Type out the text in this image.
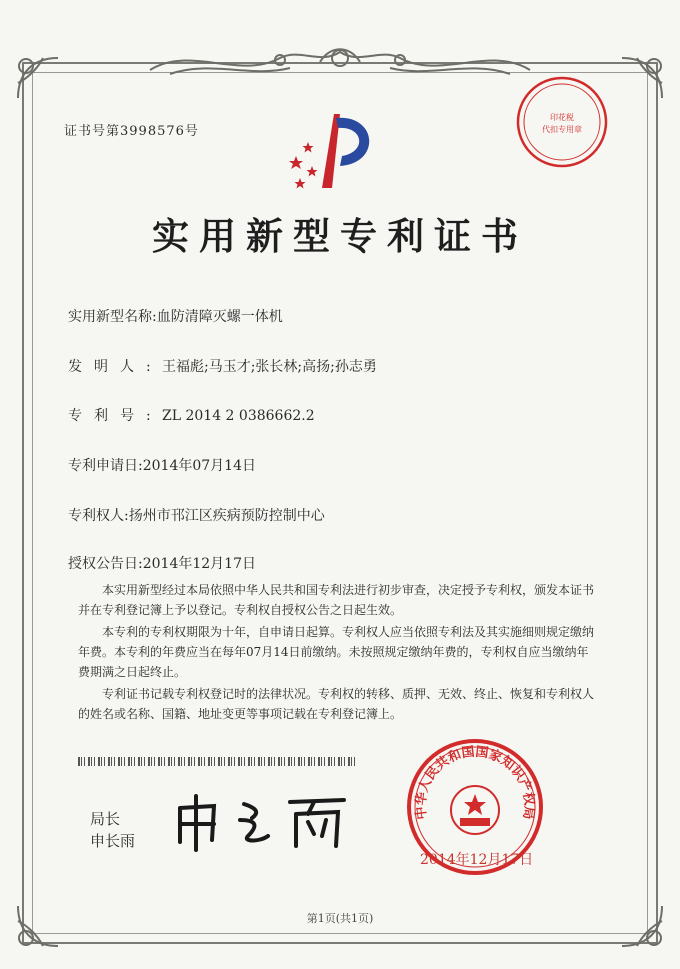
证书号第3998576号
印花税
代扣专用章
实用新型专利证书
实用新型名称:血防清障灭螺一体机
发明人:王福彪;马玉才;张长林;高扬;孙志勇
专利号:ZL 2014 2 0386662.2
专利申请日:2014年07月14日
专利权人:扬州市邗江区疾病预防控制中心
授权公告日:2014年12月17日

本实用新型经过本局依照中华人民共和国专利法进行初步审查，决定授予专利权，颁发本证书并在专利登记簿上予以登记。专利权自授权公告之日起生效。

本专利的专利权期限为十年，自申请日起算。专利权人应当依照专利法及其实施细则规定缴纳年费。本专利的年费应当在每年07月14日前缴纳。未按照规定缴纳年费的，专利权自应当缴纳年费期满之日起终止。

专利证书记载专利权登记时的法律状况。专利权的转移、质押、无效、终止、恢复和专利权人的姓名或名称、国籍、地址变更等事项记载在专利登记簿上。

局长
申长雨
中华人民共和国国家知识产权局
2014年12月17日
第1页(共1页)
